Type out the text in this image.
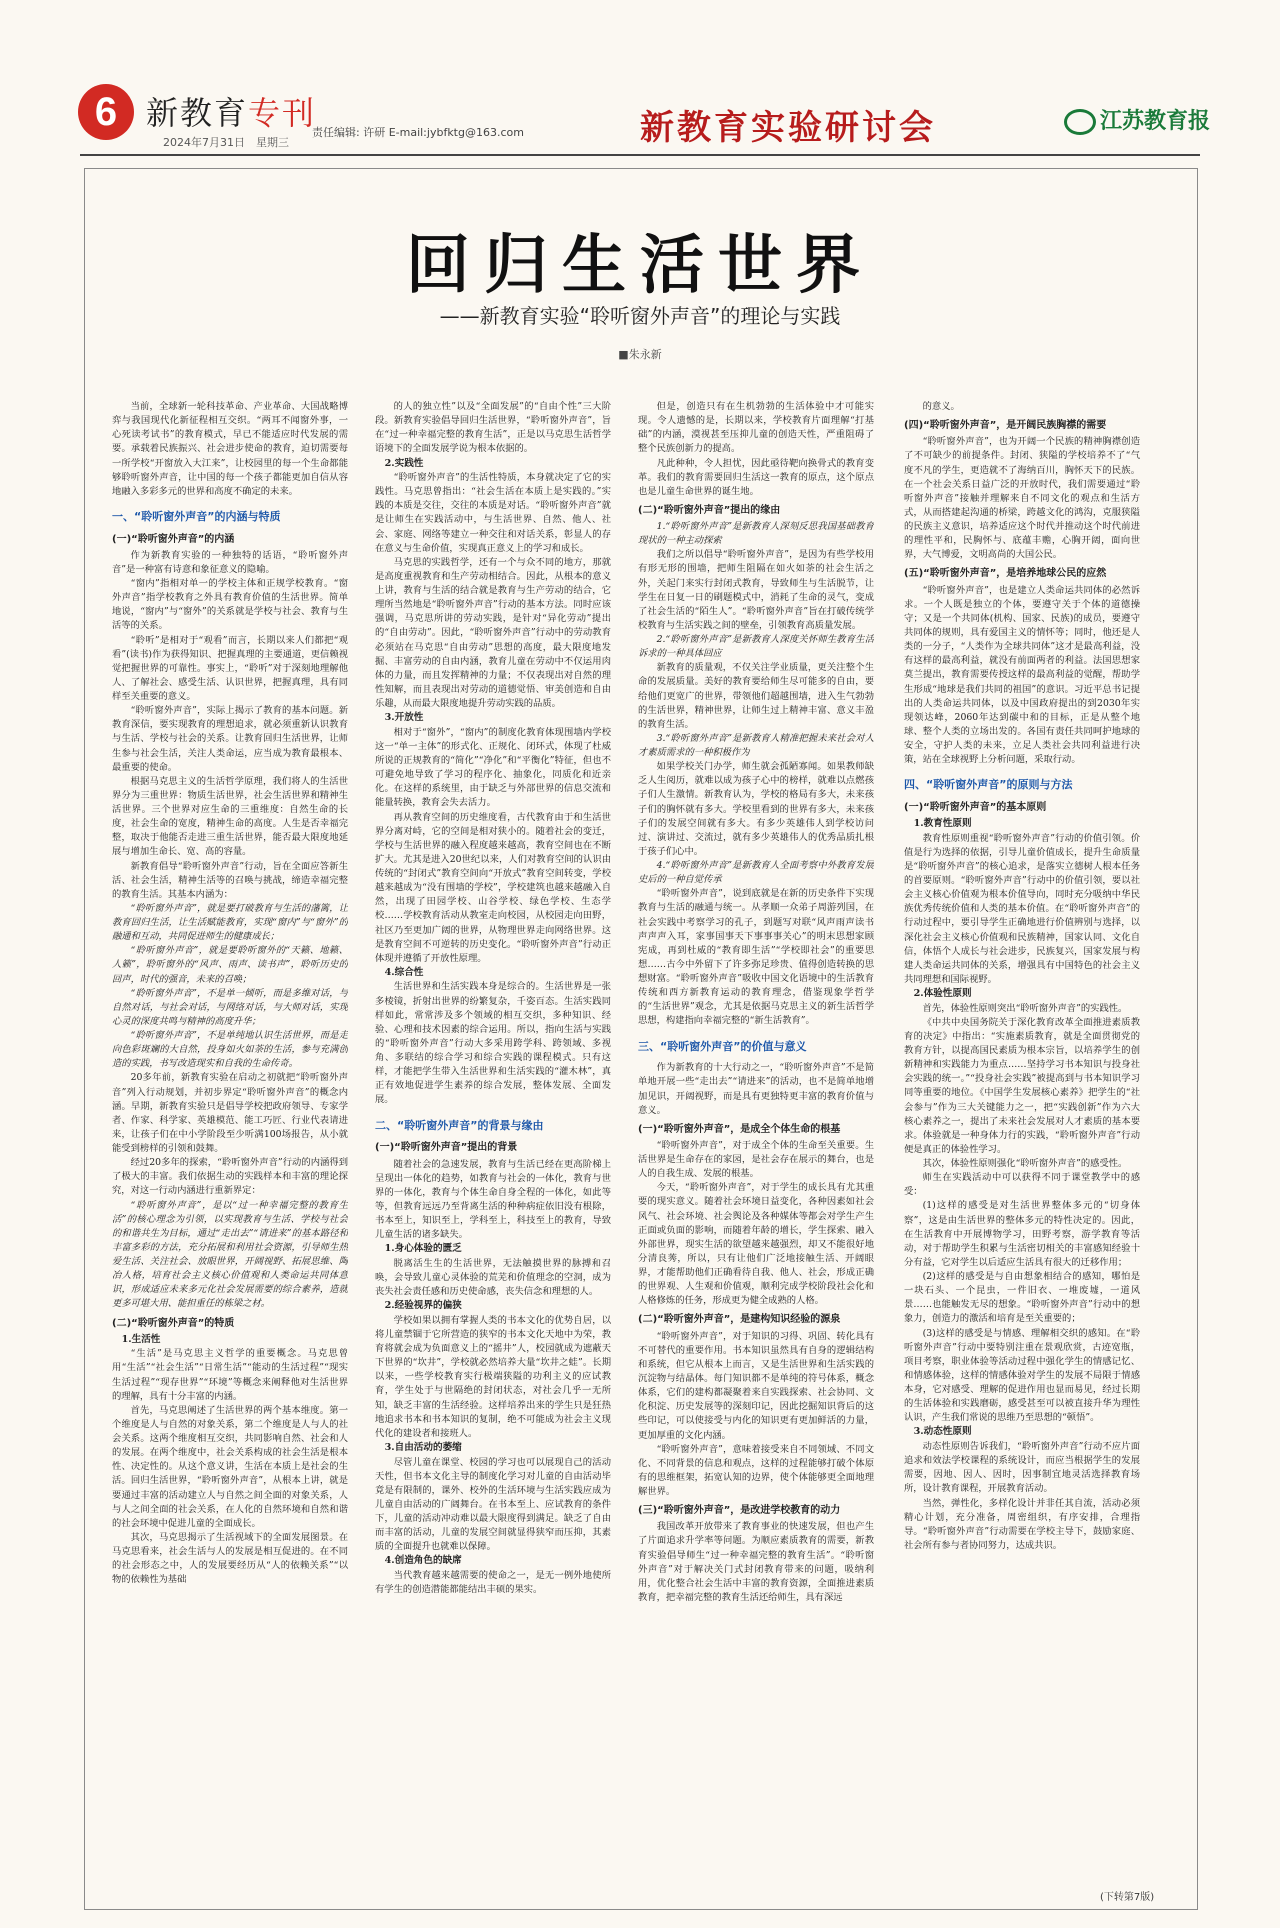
6 新教育专刊
2024年7月31日　星期三
责任编辑: 许研 E-mail:jybfktg@163.com	新教育实验研讨会	江苏教育报
回归生活世界
——新教育实验“聆听窗外声音”的理论与实践
■朱永新

当前，全球新一轮科技革命、产业革命、大国战略博弈与我国现代化新征程相互交织。“两耳不闻窗外事，一心死读考试书”的教育模式，早已不能适应时代发展的需要。承载着民族振兴、社会进步使命的教育，迫切需要每一所学校“开窗放入大江来”，让校园里的每一个生命都能够聆听窗外声音，让中国的每一个孩子都能更加自信从容地融入多彩多元的世界和高度不确定的未来。

一、“聆听窗外声音”的内涵与特质

(一)“聆听窗外声音”的内涵

作为新教育实验的一种独特的话语，“聆听窗外声音”是一种富有诗意和象征意义的隐喻。

“窗内”指相对单一的学校主体和正规学校教育。“窗外声音”指学校教育之外具有教育价值的生活世界。简单地说，“窗内”与“窗外”的关系就是学校与社会、教育与生活等的关系。

“聆听”是相对于“观看”而言，长期以来人们都把“观看”(读书)作为获得知识、把握真理的主要通道，更信赖视觉把握世界的可靠性。事实上，“聆听”对于深刻地理解他人、了解社会、感受生活、认识世界，把握真理，具有同样至关重要的意义。

“聆听窗外声音”，实际上揭示了教育的基本问题。新教育深信，要实现教育的理想追求，就必须重新认识教育与生活、学校与社会的关系。让教育回归生活世界，让师生参与社会生活，关注人类命运，应当成为教育最根本、最重要的使命。

根据马克思主义的生活哲学原理，我们将人的生活世界分为三重世界：物质生活世界，社会生活世界和精神生活世界。三个世界对应生命的三重维度：自然生命的长度，社会生命的宽度，精神生命的高度。人生是否幸福完整，取决于他能否走进三重生活世界，能否最大限度地延展与增加生命长、宽、高的容量。

新教育倡导“聆听窗外声音”行动，旨在全面应答新生活、社会生活，精神生活等的召唤与挑战，缔造幸福完整的教育生活。其基本内涵为：

“聆听窗外声音”，就是要打破教育与生活的藩篱，让教育回归生活，让生活赋能教育，实现“窗内”与“窗外”的融通和互动，共同促进师生的健康成长；

“聆听窗外声音”，就是要聆听窗外的“天籁、地籁、人籁”，聆听窗外的“风声、雨声、读书声”，聆听历史的回声，时代的强音，未来的召唤；

“聆听窗外声音”，不是单一倾听，而是多维对话，与自然对话，与社会对话，与网络对话，与大师对话，实现心灵的深度共鸣与精神的高度升华；

“聆听窗外声音”，不是单纯地认识生活世界，而是走向色彩斑斓的大自然，投身如火如荼的生活，参与充满创造的实践，书写改造现实和自我的生命传奇。

20多年前，新教育实验在启动之初就把“聆听窗外声音”列入行动规划，并初步界定“聆听窗外声音”的概念内涵。早期，新教育实验只是倡导学校把政府领导、专家学者、作家、科学家、英雄模范、能工巧匠、行业代表请进来，让孩子们在中小学阶段至少听满100场报告，从小就能受到榜样的引领和鼓舞。

经过20多年的探索，“聆听窗外声音”行动的内涵得到了极大的丰富。我们依据生动的实践样本和丰富的理论探究，对这一行动内涵进行重新界定：

“聆听窗外声音”，是以“过一种幸福完整的教育生活”的核心理念为引领，以实现教育与生活、学校与社会的和谐共生为目标，通过“走出去”“请进来”的基本路径和丰富多彩的方法，充分拓展和利用社会资源，引导师生热爱生活、关注社会、放眼世界，开阔视野、拓展思维、陶冶人格，培育社会主义核心价值观和人类命运共同体意识，形成适应未来多元化社会发展需要的综合素养，造就更多可堪大用、能担重任的栋梁之材。

(二)“聆听窗外声音”的特质

1.生活性

“生活”是马克思主义哲学的重要概念。马克思曾用“生活”“社会生活”“日常生活”“能动的生活过程”“现实生活过程”“现存世界”“环境”等概念来阐释他对生活世界的理解，具有十分丰富的内涵。

首先，马克思阐述了生活世界的两个基本维度。第一个维度是人与自然的对象关系，第二个维度是人与人的社会关系。这两个维度相互交织，共同影响自然、社会和人的发展。在两个维度中，社会关系构成的社会生活是根本性、决定性的。从这个意义讲，生活在本质上是社会的生活。回归生活世界，“聆听窗外声音”，从根本上讲，就是要通过丰富的活动建立人与自然之间全面的对象关系，人与人之间全面的社会关系，在人化的自然环境和自然和谐的社会环境中促进儿童的全面成长。

其次，马克思揭示了生活视域下的全面发展图景。在马克思看来，社会生活与人的发展是相互促进的。在不同的社会形态之中，人的发展要经历从“人的依赖关系”“以物的依赖性为基础

的人的独立性”以及“全面发展”的“自由个性”三大阶段。新教育实验倡导回归生活世界，“聆听窗外声音”，旨在“过一种幸福完整的教育生活”，正是以马克思生活哲学语境下的全面发展学说为根本依据的。

2.实践性

“聆听窗外声音”的生活性特质，本身就决定了它的实践性。马克思曾指出：“社会生活在本质上是实践的。”实践的本质是交往，交往的本质是对话。“聆听窗外声音”就是让师生在实践活动中，与生活世界、自然、他人、社会、家庭、网络等建立一种交往和对话关系，彰显人的存在意义与生命价值，实现真正意义上的学习和成长。

马克思的实践哲学，还有一个与众不同的地方，那就是高度重视教育和生产劳动相结合。因此，从根本的意义上讲，教育与生活的结合就是教育与生产劳动的结合，它理所当然地是“聆听窗外声音”行动的基本方法。同时应该强调，马克思所讲的劳动实践，是针对“异化劳动”提出的“自由劳动”。因此，“聆听窗外声音”行动中的劳动教育必须站在马克思“自由劳动”思想的高度，最大限度地发掘、丰富劳动的自由内涵，教育儿童在劳动中不仅运用肉体的力量，而且发挥精神的力量；不仅表现出对自然的理性知解，而且表现出对劳动的道德觉悟、审美创造和自由乐趣，从而最大限度地提升劳动实践的品质。

3.开放性

相对于“窗外”，“窗内”的制度化教育体现围墙内学校这一“单一主体”的形式化、正规化、闭环式，体现了杜威所说的正规教育的“简化”“净化”和“平衡化”特征，但也不可避免地导致了学习的程序化、抽象化，同质化和近亲化。在这样的系统里，由于缺乏与外部世界的信息交流和能量转换，教育会失去活力。

再从教育空间的历史维度看，古代教育由于和生活世界分离对峙，它的空间是相对狭小的。随着社会的变迁，学校与生活世界的融入程度越来越高，教育空间也在不断扩大。尤其是进入20世纪以来，人们对教育空间的认识由传统的“封闭式”教育空间向“开放式”教育空间转变，学校越来越成为“没有围墙的学校”，学校建筑也越来越融入自然，出现了田园学校、山谷学校、绿色学校、生态学校……学校教育活动从教室走向校园，从校园走向田野，社区乃至更加广阔的世界，从物理世界走向网络世界。这是教育空间不可逆转的历史变化。“聆听窗外声音”行动正体现并遵循了开放性原理。

4.综合性

生活世界和生活实践本身是综合的。生活世界是一张多棱镜，折射出世界的纷繁复杂，千姿百态。生活实践同样如此，常常涉及多个领域的相互交织，多种知识、经验、心理和技术因素的综合运用。所以，指向生活与实践的“聆听窗外声音”行动大多采用跨学科、跨领域、多视角、多联结的综合学习和综合实践的课程模式。只有这样，才能把学生带入生活世界和生活实践的“灌木林”，真正有效地促进学生素养的综合发展，整体发展、全面发展。

二、“聆听窗外声音”的背景与缘由

(一)“聆听窗外声音”提出的背景

随着社会的急速发展，教育与生活已经在更高阶梯上呈现出一体化的趋势，如教育与社会的一体化，教育与世界的一体化，教育与个体生命自身全程的一体化，如此等等，但教育远远乃至背离生活的种种病症依旧没有根除，书本至上，知识至上，学科至上，科技至上的教育，导致儿童生活的诸多缺失。

1.身心体验的匮乏

脱离活生生的生活世界，无法触摸世界的脉搏和召唤，会导致儿童心灵体验的荒芜和价值理念的空洞，成为丧失社会责任感和历史使命感，丧失信念和理想的人。

2.经验视界的偏狭

学校如果以拥有掌握人类的书本文化的优势自居，以将儿童禁锢于它所营造的狭窄的书本文化天地中为荣，教育将就会成为负面意义上的“摇井”人，校园就成为遮蔽天下世界的“坎井”，学校就必然培养大量“坎井之蛙”。长期以来，一些学校教育实行极端狭隘的功利主义的应试教育，学生处于与世隔绝的封闭状态，对社会几乎一无所知，缺乏丰富的生活经验。这样培养出来的学生只是狂热地追求书本和书本知识的复制，绝不可能成为社会主义现代化的建设者和接班人。

3.自由活动的萎缩

尽管儿童在课堂、校园的学习也可以展现自己的活动天性，但书本文化主导的制度化学习对儿童的自由活动毕竟是有限制的，课外、校外的生活环境与生活实践应成为儿童自由活动的广阔舞台。在书本至上、应试教育的条件下，儿童的活动冲动难以最大限度得到满足。缺乏了自由而丰富的活动，儿童的发展空间就显得狭窄而压抑，其素质的全面提升也就难以保障。

4.创造角色的缺席

当代教育越来越需要的使命之一，是无一例外地使所有学生的创造潜能都能结出丰硕的果实。

但是，创造只有在生机勃勃的生活体验中才可能实现。令人遗憾的是，长期以来，学校教育片面理解“打基础”的内涵，漠视甚至压抑儿童的创造天性，严重阻碍了整个民族创新力的提高。

凡此种种，令人担忧，因此亟待靶向换骨式的教育变革。我们的教育需要回归生活这一教育的原点，这个原点也是儿童生命世界的诞生地。

(二)“聆听窗外声音”提出的缘由

1.“聆听窗外声音”是新教育人深刻反思我国基础教育现状的一种主动探索

我们之所以倡导“聆听窗外声音”，是因为有些学校用有形无形的围墙，把师生阻隔在如火如荼的社会生活之外，关起门来实行封闭式教育，导致师生与生活脱节，让学生在日复一日的刷题模式中，消耗了生命的灵气，变成了社会生活的“陌生人”。“聆听窗外声音”旨在打破传统学校教育与生活实践之间的壁垒，引领教育高质量发展。

2.“聆听窗外声音”是新教育人深度关怀师生教育生活诉求的一种具体回应

新教育的质量观，不仅关注学业质量，更关注整个生命的发展质量。美好的教育要给师生尽可能多的自由，要给他们更宽广的世界，带领他们超越围墙，进入生气勃勃的生活世界，精神世界，让师生过上精神丰富、意义丰盈的教育生活。

3.“聆听窗外声音”是新教育人精准把握未来社会对人才素质需求的一种积极作为

如果学校关门办学，师生就会孤陋寡闻。如果教师缺乏人生阅历，就难以成为孩子心中的榜样，就难以点燃孩子们人生激情。新教育认为，学校的格局有多大，未来孩子们的胸怀就有多大。学校里看到的世界有多大，未来孩子们的发展空间就有多大。有多少英雄伟人到学校访问过、演讲过、交流过，就有多少英雄伟人的优秀品质扎根于孩子们心中。

4.“聆听窗外声音”是新教育人全面考察中外教育发展史后的一种自觉传承

“聆听窗外声音”，说到底就是在新的历史条件下实现教育与生活的融通与统一。从孝顺一众弟子周游列国，在社会实践中考察学习的孔子，到题写对联“风声雨声读书声声声入耳，家事国事天下事事事关心”的明末思想家顾宪成，再到杜威的“教育即生活”“学校即社会”的重要思想……古今中外留下了许多弥足珍贵、值得创造转换的思想财富。“聆听窗外声音”吸收中国文化语境中的生活教育传统和西方新教育运动的教育理念，借鉴现象学哲学的“生活世界”观念，尤其是依据马克思主义的新生活哲学思想，构建指向幸福完整的“新生活教育”。

三、“聆听窗外声音”的价值与意义

作为新教育的十大行动之一，“聆听窗外声音”不是简单地开展一些“走出去”“请进来”的活动，也不是简单地增加见识，开阔视野，而是具有更独特更丰富的教育价值与意义。

(一)“聆听窗外声音”，是成全个体生命的根基

“聆听窗外声音”，对于成全个体的生命至关重要。生活世界是生命存在的家园，是社会存在展示的舞台，也是人的自我生成、发展的根基。

今天，“聆听窗外声音”，对于学生的成长具有尤其重要的现实意义。随着社会环境日益变化，各种因素如社会风气、社会环境、社会舆论及各种媒体等都会对学生产生正面或负面的影响，而随着年龄的增长，学生探索、融入外部世界，现实生活的欲望越来越强烈，却又不能很好地分清良莠，所以，只有让他们广泛地接触生活、开阔眼界，才能帮助他们正确看待自我、他人、社会，形成正确的世界观、人生观和价值观，顺利完成学校阶段社会化和人格修炼的任务，形成更为健全成熟的人格。

(二)“聆听窗外声音”，是建构知识经验的源泉

“聆听窗外声音”，对于知识的习得、巩固、转化具有不可替代的重要作用。书本知识虽然具有自身的逻辑结构和系统，但它从根本上而言，又是生活世界和生活实践的沉淀物与结晶体。每门知识都不是单纯的符号体系，概念体系，它们的建构都凝聚着来自实践探索、社会协同、文化积淀、历史发展等的深刻印记，因此挖掘知识背后的这些印记，可以使接受与内化的知识更有更加鲜活的力量，更加厚重的文化内涵。

“聆听窗外声音”，意味着接受来自不同领域、不同文化、不同背景的信息和观点，这样的过程能够打破个体原有的思维框架，拓宽认知的边界，使个体能够更全面地理解世界。

(三)“聆听窗外声音”，是改进学校教育的动力

我国改革开放带来了教育事业的快速发展，但也产生了片面追求升学率等问题。为顺应素质教育的需要，新教育实验倡导师生“过一种幸福完整的教育生活”。“聆听窗外声音”对于解决关门式封闭教育带来的问题，吸纳利用，优化整合社会生活中丰富的教育资源，全面推进素质教育，把幸福完整的教育生活还给师生，具有深远

的意义。

(四)“聆听窗外声音”，是开阔民族胸襟的需要

“聆听窗外声音”，也为开阔一个民族的精神胸襟创造了不可缺少的前提条件。封闭、狭隘的学校培养不了“气度不凡的学生，更造就不了海纳百川，胸怀天下的民族。在一个社会关系日益广泛的开放时代，我们需要通过“聆听窗外声音”接触并理解来自不同文化的观点和生活方式，从而搭建起沟通的桥梁，跨越文化的鸿沟，克服狭隘的民族主义意识，培养适应这个时代并推动这个时代前进的理性平和，民胸怀与、底蕴丰赡，心胸开阔，面向世界，大气博爱，文明高尚的大国公民。

(五)“聆听窗外声音”，是培养地球公民的应然

“聆听窗外声音”，也是建立人类命运共同体的必然诉求。一个人既是独立的个体，要遵守关于个体的道德操守；又是一个共同体(机构、国家、民族)的成员，要遵守共同体的规则，具有爱国主义的情怀等；同时，他还是人类的一分子，“人类作为全球共同体”这才是最高利益，没有这样的最高利益，就没有前面两者的利益。法国思想家莫兰提出，教育需要传授这样的最高利益的觉醒，帮助学生形成“地球是我们共同的祖国”的意识。习近平总书记提出的人类命运共同体，以及中国政府提出的到2030年实现领达峰，2060年达到碳中和的目标，正是从整个地球、整个人类的立场出发的。各国有责任共同呵护地球的安全，守护人类的未来，立足人类社会共同利益进行决策，站在全球视野上分析问题，采取行动。

四、“聆听窗外声音”的原则与方法

(一)“聆听窗外声音”的基本原则

1.教育性原则

教育性原则重视“聆听窗外声音”行动的价值引领。价值是行为选择的依据，引导儿童价值成长，提升生命质量是“聆听窗外声音”的核心追求，是落实立德树人根本任务的首要原则。“聆听窗外声音”行动中的价值引领，要以社会主义核心价值观为根本价值导向，同时充分吸纳中华民族优秀传统价值和人类的基本价值。在“聆听窗外声音”的行动过程中，要引导学生正确地进行价值辨别与选择，以深化社会主义核心价值观和民族精神，国家认同、文化自信，体悟个人成长与社会进步，民族复兴，国家发展与构建人类命运共同体的关系，增强具有中国特色的社会主义共同理想和国际视野。

2.体验性原则

首先，体验性原则突出“聆听窗外声音”的实践性。

《中共中央国务院关于深化教育改革全面推进素质教育的决定》中指出：“实施素质教育，就是全面贯彻党的教育方针，以提高国民素质为根本宗旨，以培养学生的创新精神和实践能力为重点……坚持学习书本知识与投身社会实践的统一。”“投身社会实践”被提高到与书本知识学习同等重要的地位。《中国学生发展核心素养》把学生的“社会参与”作为三大关键能力之一，把“实践创新”作为六大核心素养之一，提出了未来社会发展对人才素质的基本要求。体验就是一种身体力行的实践，“聆听窗外声音”行动便是真正的体验性学习。

其次，体验性原则强化“聆听窗外声音”的感受性。

师生在实践活动中可以获得不同于课堂教学中的感受：

(1)这样的感受是对生活世界整体多元的“切身体察”，这是由生活世界的整体多元的特性决定的。因此，在生活教育中开展博物学习，田野考察，游学教育等活动，对于帮助学生积累与生活密切相关的丰富感知经验十分有益，它对学生以后适应生活具有很大的迁移作用；

(2)这样的感受是与自由想象相结合的感知，哪怕是一块石头、一个昆虫，一件旧衣、一堆废墟，一道风景……也能触发无尽的想象。“聆听窗外声音”行动中的想象力，创造力的激活和培育是至关重要的；

(3)这样的感受是与情感、理解相交织的感知。在“聆听窗外声音”行动中要特别注重在景观欣赏，古迹宽瓶，项目考察，职业体验等活动过程中强化学生的情感记忆、和情感体验，这样的情感体验对学生的发展不局限于情感本身，它对感受、理解的促进作用也显而易见，经过长期的生活体验和实践磨砺，感受甚至可以被直接升华为理性认识，产生我们常说的思维乃至思想的“顿悟”。

3.动态性原则

动态性原则告诉我们，“聆听窗外声音”行动不应片面追求和效法学校课程的系统设计，而应当根据学生的发展需要，因地、因人、因时，因事制宜地灵活选择教育场所，设计教育课程，开展教育活动。

当然，弹性化，多样化设计并非任其自流，活动必须精心计划，充分准备，周密组织，有序安排，合理指导。“聆听窗外声音”行动需要在学校主导下，鼓励家庭、社会所有参与者协同努力，达成共识。

(下转第7版)
